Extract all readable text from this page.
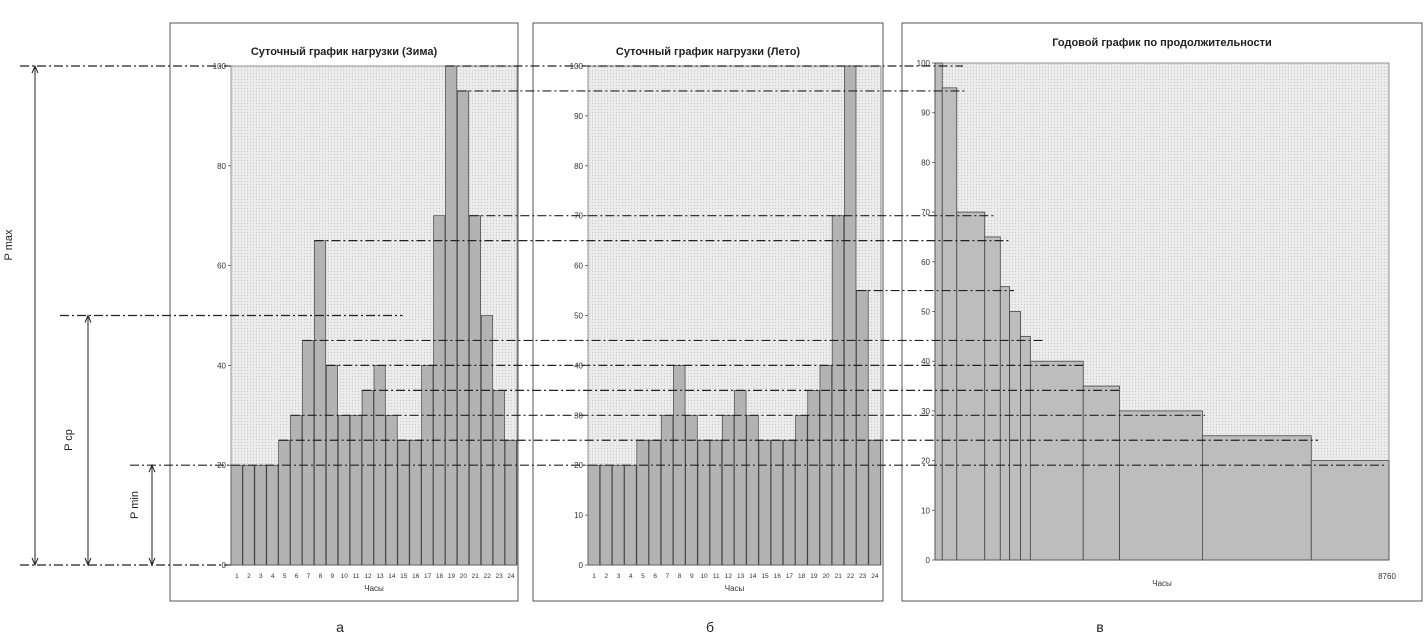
Суточный график нагрузки (Зима)
0
20
40
60
80
100
Часы
1 2 3 4 5 6 7 8 9 10 11 12 13 14 15 16 17 18 19 20 21 22 23 24
а
Суточный график нагрузки (Лето)
0
10
20
30
40
50
60
70
80
90
100
Часы
1 2 3 4 5 6 7 8 9 10 11 12 13 14 15 16 17 18 19 20 21 22 23 24
б
Годовой график по продолжительности
0
10
20
30
40
50
60
70
80
90
100
Часы
8760
в
P max
P cp
P min
